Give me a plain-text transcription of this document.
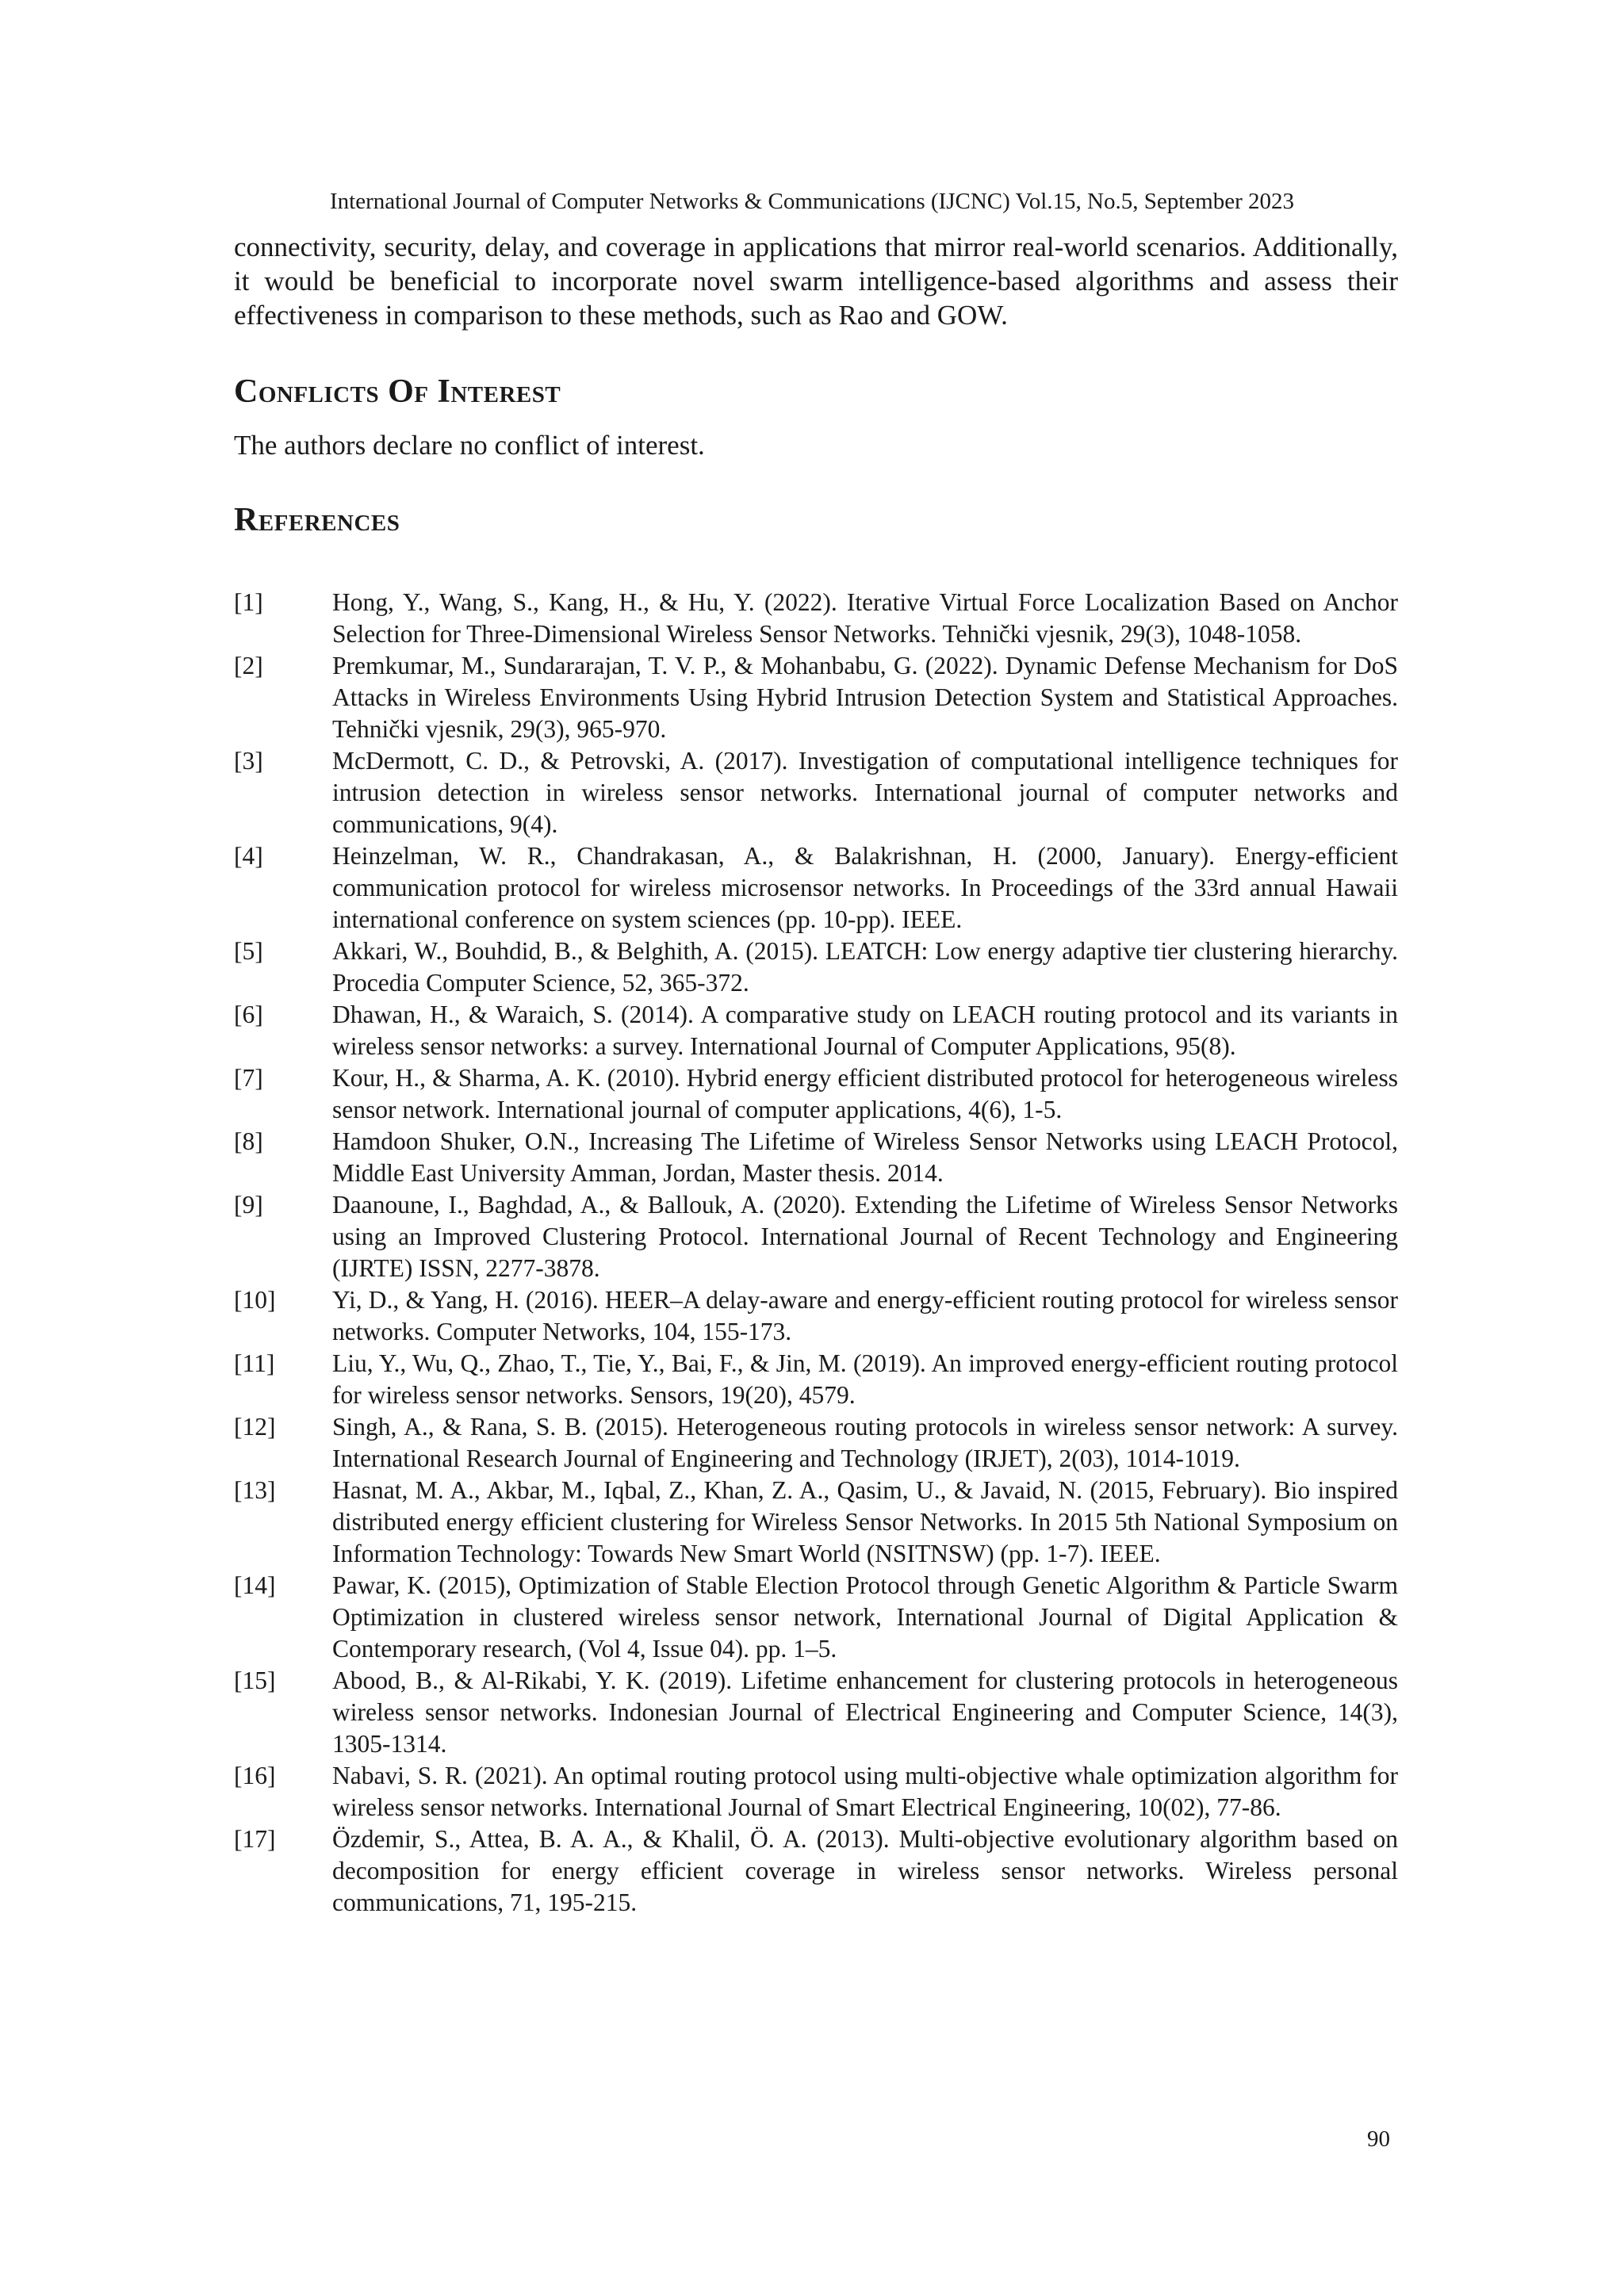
International Journal of Computer Networks & Communications (IJCNC) Vol.15, No.5, September 2023

connectivity, security, delay, and coverage in applications that mirror real-world scenarios. Additionally, it would be beneficial to incorporate novel swarm intelligence-based algorithms and assess their effectiveness in comparison to these methods, such as Rao and GOW.

Conflicts Of Interest

The authors declare no conflict of interest.

References
[1]	Hong, Y., Wang, S., Kang, H., & Hu, Y. (2022). Iterative Virtual Force Localization Based on Anchor Selection for Three-Dimensional Wireless Sensor Networks. Tehnički vjesnik, 29(3), 1048-1058.
[2]	Premkumar, M., Sundararajan, T. V. P., & Mohanbabu, G. (2022). Dynamic Defense Mechanism for DoS Attacks in Wireless Environments Using Hybrid Intrusion Detection System and Statistical Approaches. Tehnički vjesnik, 29(3), 965-970.
[3]	McDermott, C. D., & Petrovski, A. (2017). Investigation of computational intelligence techniques for intrusion detection in wireless sensor networks. International journal of computer networks and communications, 9(4).
[4]	Heinzelman, W. R., Chandrakasan, A., & Balakrishnan, H. (2000, January). Energy-efficient communication protocol for wireless microsensor networks. In Proceedings of the 33rd annual Hawaii international conference on system sciences (pp. 10-pp). IEEE.
[5]	Akkari, W., Bouhdid, B., & Belghith, A. (2015). LEATCH: Low energy adaptive tier clustering hierarchy. Procedia Computer Science, 52, 365-372.
[6]	Dhawan, H., & Waraich, S. (2014). A comparative study on LEACH routing protocol and its variants in wireless sensor networks: a survey. International Journal of Computer Applications, 95(8).
[7]	Kour, H., & Sharma, A. K. (2010). Hybrid energy efficient distributed protocol for heterogeneous wireless sensor network. International journal of computer applications, 4(6), 1-5.
[8]	Hamdoon Shuker, O.N., Increasing The Lifetime of Wireless Sensor Networks using LEACH Protocol, Middle East University Amman, Jordan, Master thesis. 2014.
[9]	Daanoune, I., Baghdad, A., & Ballouk, A. (2020). Extending the Lifetime of Wireless Sensor Networks using an Improved Clustering Protocol. International Journal of Recent Technology and Engineering (IJRTE) ISSN, 2277-3878.
[10]	Yi, D., & Yang, H. (2016). HEER–A delay-aware and energy-efficient routing protocol for wireless sensor networks. Computer Networks, 104, 155-173.
[11]	Liu, Y., Wu, Q., Zhao, T., Tie, Y., Bai, F., & Jin, M. (2019). An improved energy-efficient routing protocol for wireless sensor networks. Sensors, 19(20), 4579.
[12]	Singh, A., & Rana, S. B. (2015). Heterogeneous routing protocols in wireless sensor network: A survey. International Research Journal of Engineering and Technology (IRJET), 2(03), 1014-1019.
[13]	Hasnat, M. A., Akbar, M., Iqbal, Z., Khan, Z. A., Qasim, U., & Javaid, N. (2015, February). Bio inspired distributed energy efficient clustering for Wireless Sensor Networks. In 2015 5th National Symposium on Information Technology: Towards New Smart World (NSITNSW) (pp. 1-7). IEEE.
[14]	Pawar, K. (2015), Optimization of Stable Election Protocol through Genetic Algorithm & Particle Swarm Optimization in clustered wireless sensor network, International Journal of Digital Application & Contemporary research, (Vol 4, Issue 04). pp. 1–5.
[15]	Abood, B., & Al-Rikabi, Y. K. (2019). Lifetime enhancement for clustering protocols in heterogeneous wireless sensor networks. Indonesian Journal of Electrical Engineering and Computer Science, 14(3), 1305-1314.
[16]	Nabavi, S. R. (2021). An optimal routing protocol using multi-objective whale optimization algorithm for wireless sensor networks. International Journal of Smart Electrical Engineering, 10(02), 77-86.
[17]	Özdemir, S., Attea, B. A. A., & Khalil, Ö. A. (2013). Multi-objective evolutionary algorithm based on decomposition for energy efficient coverage in wireless sensor networks. Wireless personal communications, 71, 195-215.
90
